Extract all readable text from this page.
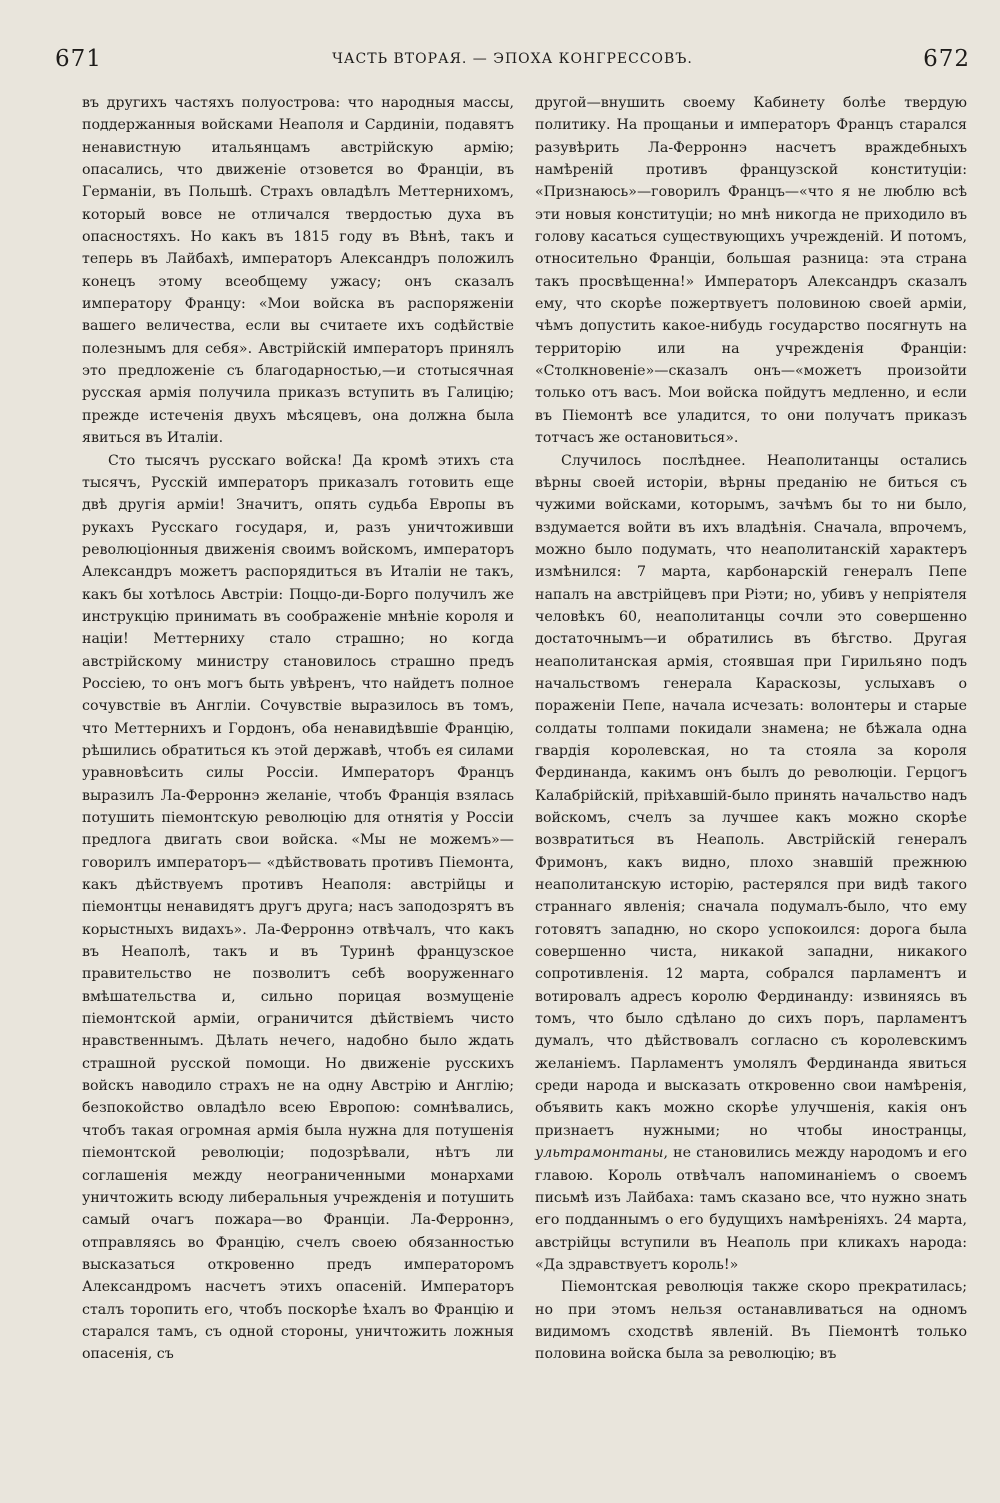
671	ЧАСТЬ ВТОРАЯ. — ЭПОХА КОНГРЕССОВЪ.	672

въ другихъ частяхъ полуострова: что народныя массы, поддержанныя войсками Неаполя и Сардиніи, подавятъ ненавистную итальянцамъ австрійскую армію; опасались, что движеніе отзовется во Франціи, въ Германіи, въ Польшѣ. Страхъ овладѣлъ Меттернихомъ, который вовсе не отличался твердостью духа въ опасностяхъ. Но какъ въ 1815 году въ Вѣнѣ, такъ и теперь въ Лайбахѣ, императоръ Александръ положилъ конецъ этому всеобщему ужасу; онъ сказалъ императору Францу: «Мои войска въ распоряженіи вашего величества, если вы считаете ихъ содѣйствіе полезнымъ для себя». Австрійскій императоръ принялъ это предложеніе съ благодарностью,—и стотысячная русская армія получила приказъ вступить въ Галицію; прежде истеченія двухъ мѣсяцевъ, она должна была явиться въ Италіи.

Сто тысячъ русскаго войска! Да кромѣ этихъ ста тысячъ, Русскій императоръ приказалъ готовить еще двѣ другія арміи! Значитъ, опять судьба Европы въ рукахъ Русскаго государя, и, разъ уничтоживши революціонныя движенія своимъ войскомъ, императоръ Александръ можетъ распорядиться въ Италіи не такъ, какъ бы хотѣлось Австріи: Поццо-ди-Борго получилъ же инструкцію принимать въ соображеніе мнѣніе короля и націи! Меттерниху стало страшно; но когда австрійскому министру становилось страшно предъ Россіею, то онъ могъ быть увѣренъ, что найдетъ полное сочувствіе въ Англіи. Сочувствіе выразилось въ томъ, что Меттернихъ и Гордонъ, оба ненавидѣвшіе Францію, рѣшились обратиться къ этой державѣ, чтобъ ея силами уравновѣсить силы Россіи. Императоръ Францъ выразилъ Ла-Ферроннэ желаніе, чтобъ Франція взялась потушить піемонтскую революцію для отнятія у Россіи предлога двигать свои войска. «Мы не можемъ»—говорилъ императоръ— «дѣйствовать противъ Піемонта, какъ дѣйствуемъ противъ Неаполя: австрійцы и піемонтцы ненавидятъ другъ друга; насъ заподозрятъ въ корыстныхъ видахъ». Ла-Ферроннэ отвѣчалъ, что какъ въ Неаполѣ, такъ и въ Туринѣ французское правительство не позволитъ себѣ вооруженнаго вмѣшательства и, сильно порицая возмущеніе піемонтской арміи, ограничится дѣйствіемъ чисто нравственнымъ. Дѣлать нечего, надобно было ждать страшной русской помощи. Но движеніе русскихъ войскъ наводило страхъ не на одну Австрію и Англію; безпокойство овладѣло всею Европою: сомнѣвались, чтобъ такая огромная армія была нужна для потушенія піемонтской революціи; подозрѣвали, нѣтъ ли соглашенія между неограниченными монархами уничтожить всюду либеральныя учрежденія и потушить самый очагъ пожара—во Франціи. Ла-Ферроннэ, отправляясь во Францію, счелъ своею обязанностью высказаться откровенно предъ императоромъ Александромъ насчетъ этихъ опасеній. Императоръ сталъ торопить его, чтобъ поскорѣе ѣхалъ во Францію и старался тамъ, съ одной стороны, уничтожить ложныя опасенія, съ

другой—внушить своему Кабинету болѣе твердую политику. На прощаньи и императоръ Францъ старался разувѣрить Ла-Ферроннэ насчетъ враждебныхъ намѣреній противъ французской конституціи: «Признаюсь»—говорилъ Францъ—«что я не люблю всѣ эти новыя конституціи; но мнѣ никогда не приходило въ голову касаться существующихъ учрежденій. И потомъ, относительно Франціи, большая разница: эта страна такъ просвѣщенна!» Императоръ Александръ сказалъ ему, что скорѣе пожертвуетъ половиною своей арміи, чѣмъ допустить какое-нибудь государство посягнуть на территорію или на учрежденія Франціи: «Столкновеніе»—сказалъ онъ—«можетъ произойти только отъ васъ. Мои войска пойдутъ медленно, и если въ Піемонтѣ все уладится, то они получатъ приказъ тотчасъ же остановиться».

Случилось послѣднее. Неаполитанцы остались вѣрны своей исторіи, вѣрны преданію не биться съ чужими войсками, которымъ, зачѣмъ бы то ни было, вздумается войти въ ихъ владѣнія. Сначала, впрочемъ, можно было подумать, что неаполитанскій характеръ измѣнился: 7 марта, карбонарскій генералъ Пепе напалъ на австрійцевъ при Ріэти; но, убивъ у непріятеля человѣкъ 60, неаполитанцы сочли это совершенно достаточнымъ—и обратились въ бѣгство. Другая неаполитанская армія, стоявшая при Гирильяно подъ начальствомъ генерала Караскозы, услыхавъ о пораженіи Пепе, начала исчезать: волонтеры и старые солдаты толпами покидали знамена; не бѣжала одна гвардія королевская, но та стояла за короля Фердинанда, какимъ онъ былъ до революціи. Герцогъ Калабрійскій, пріѣхавшій-было принять начальство надъ войскомъ, счелъ за лучшее какъ можно скорѣе возвратиться въ Неаполь. Австрійскій генералъ Фримонъ, какъ видно, плохо знавшій прежнюю неаполитанскую исторію, растерялся при видѣ такого страннаго явленія; сначала подумалъ-было, что ему готовятъ западню, но скоро успокоился: дорога была совершенно чиста, никакой западни, никакого сопротивленія. 12 марта, собрался парламентъ и вотировалъ адресъ королю Фердинанду: извиняясь въ томъ, что было сдѣлано до сихъ поръ, парламентъ думалъ, что дѣйствовалъ согласно съ королевскимъ желаніемъ. Парламентъ умолялъ Фердинанда явиться среди народа и высказать откровенно свои намѣренія, объявить какъ можно скорѣе улучшенія, какія онъ признаетъ нужными; но чтобы иностранцы, ультрамонтаны, не становились между народомъ и его главою. Король отвѣчалъ напоминаніемъ о своемъ письмѣ изъ Лайбаха: тамъ сказано все, что нужно знать его подданнымъ о его будущихъ намѣреніяхъ. 24 марта, австрійцы вступили въ Неаполь при кликахъ народа: «Да здравствуетъ король!»

Піемонтская революція также скоро прекратилась; но при этомъ нельзя останавливаться на одномъ видимомъ сходствѣ явленій. Въ Піемонтѣ только половина войска была за революцію; въ
